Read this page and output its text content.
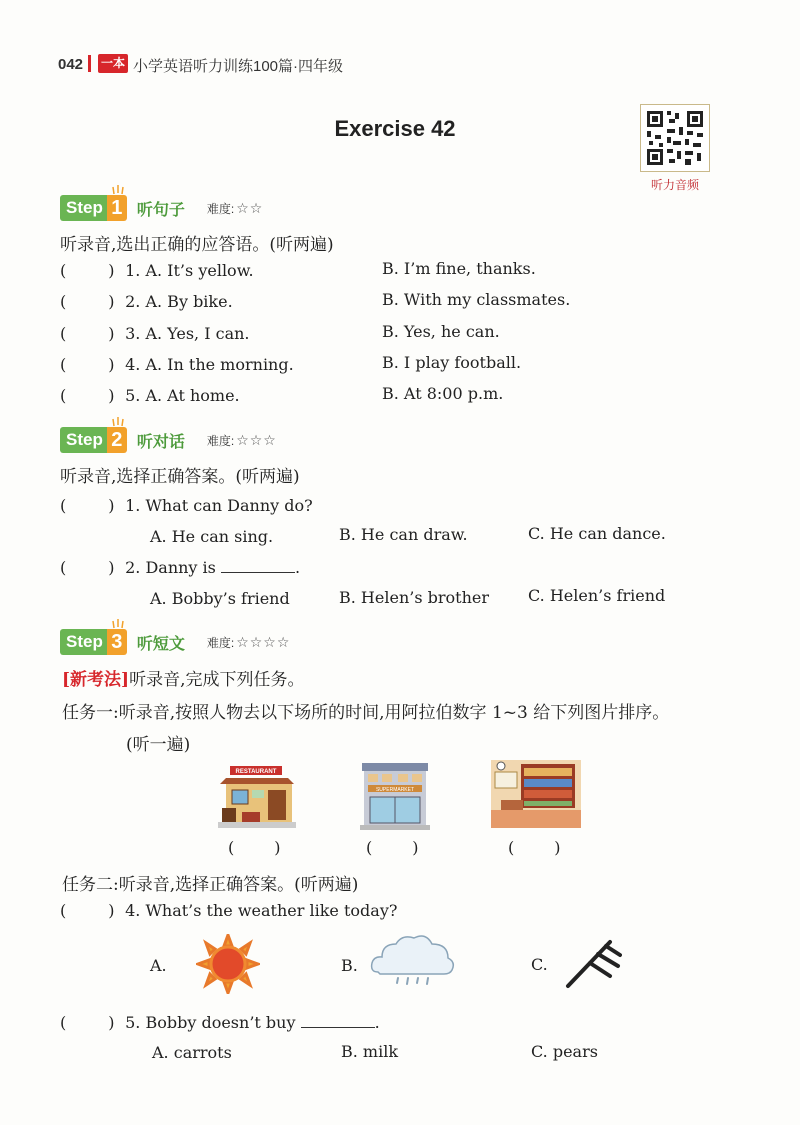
042 一本 小学英语听力训练100篇·四年级
Exercise 42
听力音频
Step 1 听句子 难度: ☆☆
听录音,选出正确的应答语。(听两遍)
(	) 1. A. It’s yellow.	B. I’m fine, thanks.
(	) 2. A. By bike.	B. With my classmates.
(	) 3. A. Yes, I can.	B. Yes, he can.
(	) 4. A. In the morning.	B. I play football.
(	) 5. A. At home.	B. At 8:00 p.m.
Step 2 听对话 难度: ☆☆☆
听录音,选择正确答案。(听两遍)
(	) 1. What can Danny do?
A. He can sing.	B. He can draw.	C. He can dance.
(	) 2. Danny is	.
A. Bobby’s friend	B. Helen’s brother C. Helen’s friend
Step 3 听短文 难度: ☆☆☆☆
[新考法]听录音,完成下列任务。
任务一:听录音,按照人物去以下场所的时间,用阿拉伯数字 1~3 给下列图片排序。
(听一遍)
RESTAURANT
SUPERMARKET
(	)	(	)	(	)
任务二:听录音,选择正确答案。(听两遍)
(	) 4. What’s the weather like today?
A.	B.	C.
(	) 5. Bobby doesn’t buy	.
A. carrots	B. milk	C. pears
